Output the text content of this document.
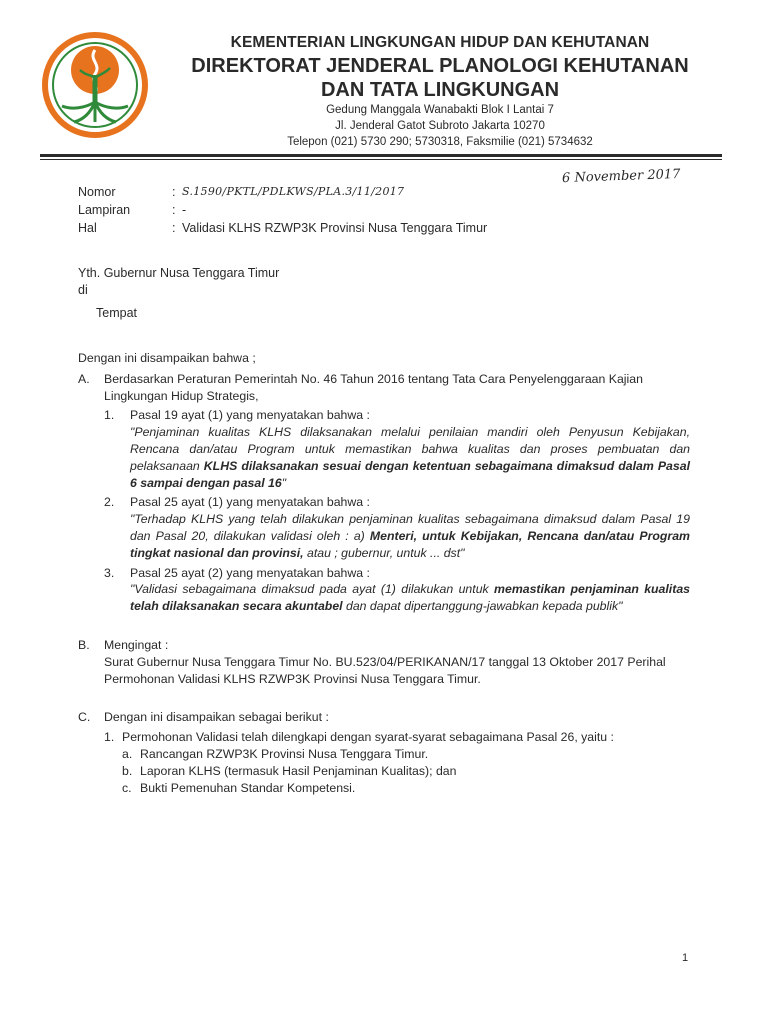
KEMENTERIAN LINGKUNGAN HIDUP DAN KEHUTANAN
DIREKTORAT JENDERAL PLANOLOGI KEHUTANAN
DAN TATA LINGKUNGAN
Gedung Manggala Wanabakti Blok I Lantai 7
Jl. Jenderal Gatot Subroto Jakarta 10270
Telepon (021) 5730 290; 5730318, Faksmilie (021) 5734632
6 November 2017
Nomor	: S.1590/PKTL/PDLKWS/PLA.3/11/2017
Lampiran	: -
Hal	: Validasi KLHS RZWP3K Provinsi Nusa Tenggara Timur
Yth. Gubernur Nusa Tenggara Timur
di
Tempat
Dengan ini disampaikan bahwa ;
A.	Berdasarkan Peraturan Pemerintah No. 46 Tahun 2016 tentang Tata Cara Penyelenggaraan Kajian Lingkungan Hidup Strategis,
1.	Pasal 19 ayat (1) yang menyatakan bahwa :
"Penjaminan kualitas KLHS dilaksanakan melalui penilaian mandiri oleh Penyusun Kebijakan, Rencana dan/atau Program untuk memastikan bahwa kualitas dan proses pembuatan dan pelaksanaan KLHS dilaksanakan sesuai dengan ketentuan sebagaimana dimaksud dalam Pasal 6 sampai dengan pasal 16"
2.	Pasal 25 ayat (1) yang menyatakan bahwa :
"Terhadap KLHS yang telah dilakukan penjaminan kualitas sebagaimana dimaksud dalam Pasal 19 dan Pasal 20, dilakukan validasi oleh : a) Menteri, untuk Kebijakan, Rencana dan/atau Program tingkat nasional dan provinsi, atau ; gubernur, untuk ... dst"
3.	Pasal 25 ayat (2) yang menyatakan bahwa :
"Validasi sebagaimana dimaksud pada ayat (1) dilakukan untuk memastikan penjaminan kualitas telah dilaksanakan secara akuntabel dan dapat dipertanggung-jawabkan kepada publik"
B.	Mengingat :
Surat Gubernur Nusa Tenggara Timur No. BU.523/04/PERIKANAN/17 tanggal 13 Oktober 2017 Perihal Permohonan Validasi KLHS RZWP3K Provinsi Nusa Tenggara Timur.
C.	Dengan ini disampaikan sebagai berikut :
1. Permohonan Validasi telah dilengkapi dengan syarat-syarat sebagaimana Pasal 26, yaitu :
a. Rancangan RZWP3K Provinsi Nusa Tenggara Timur.
b. Laporan KLHS (termasuk Hasil Penjaminan Kualitas); dan
c. Bukti Pemenuhan Standar Kompetensi.
1
